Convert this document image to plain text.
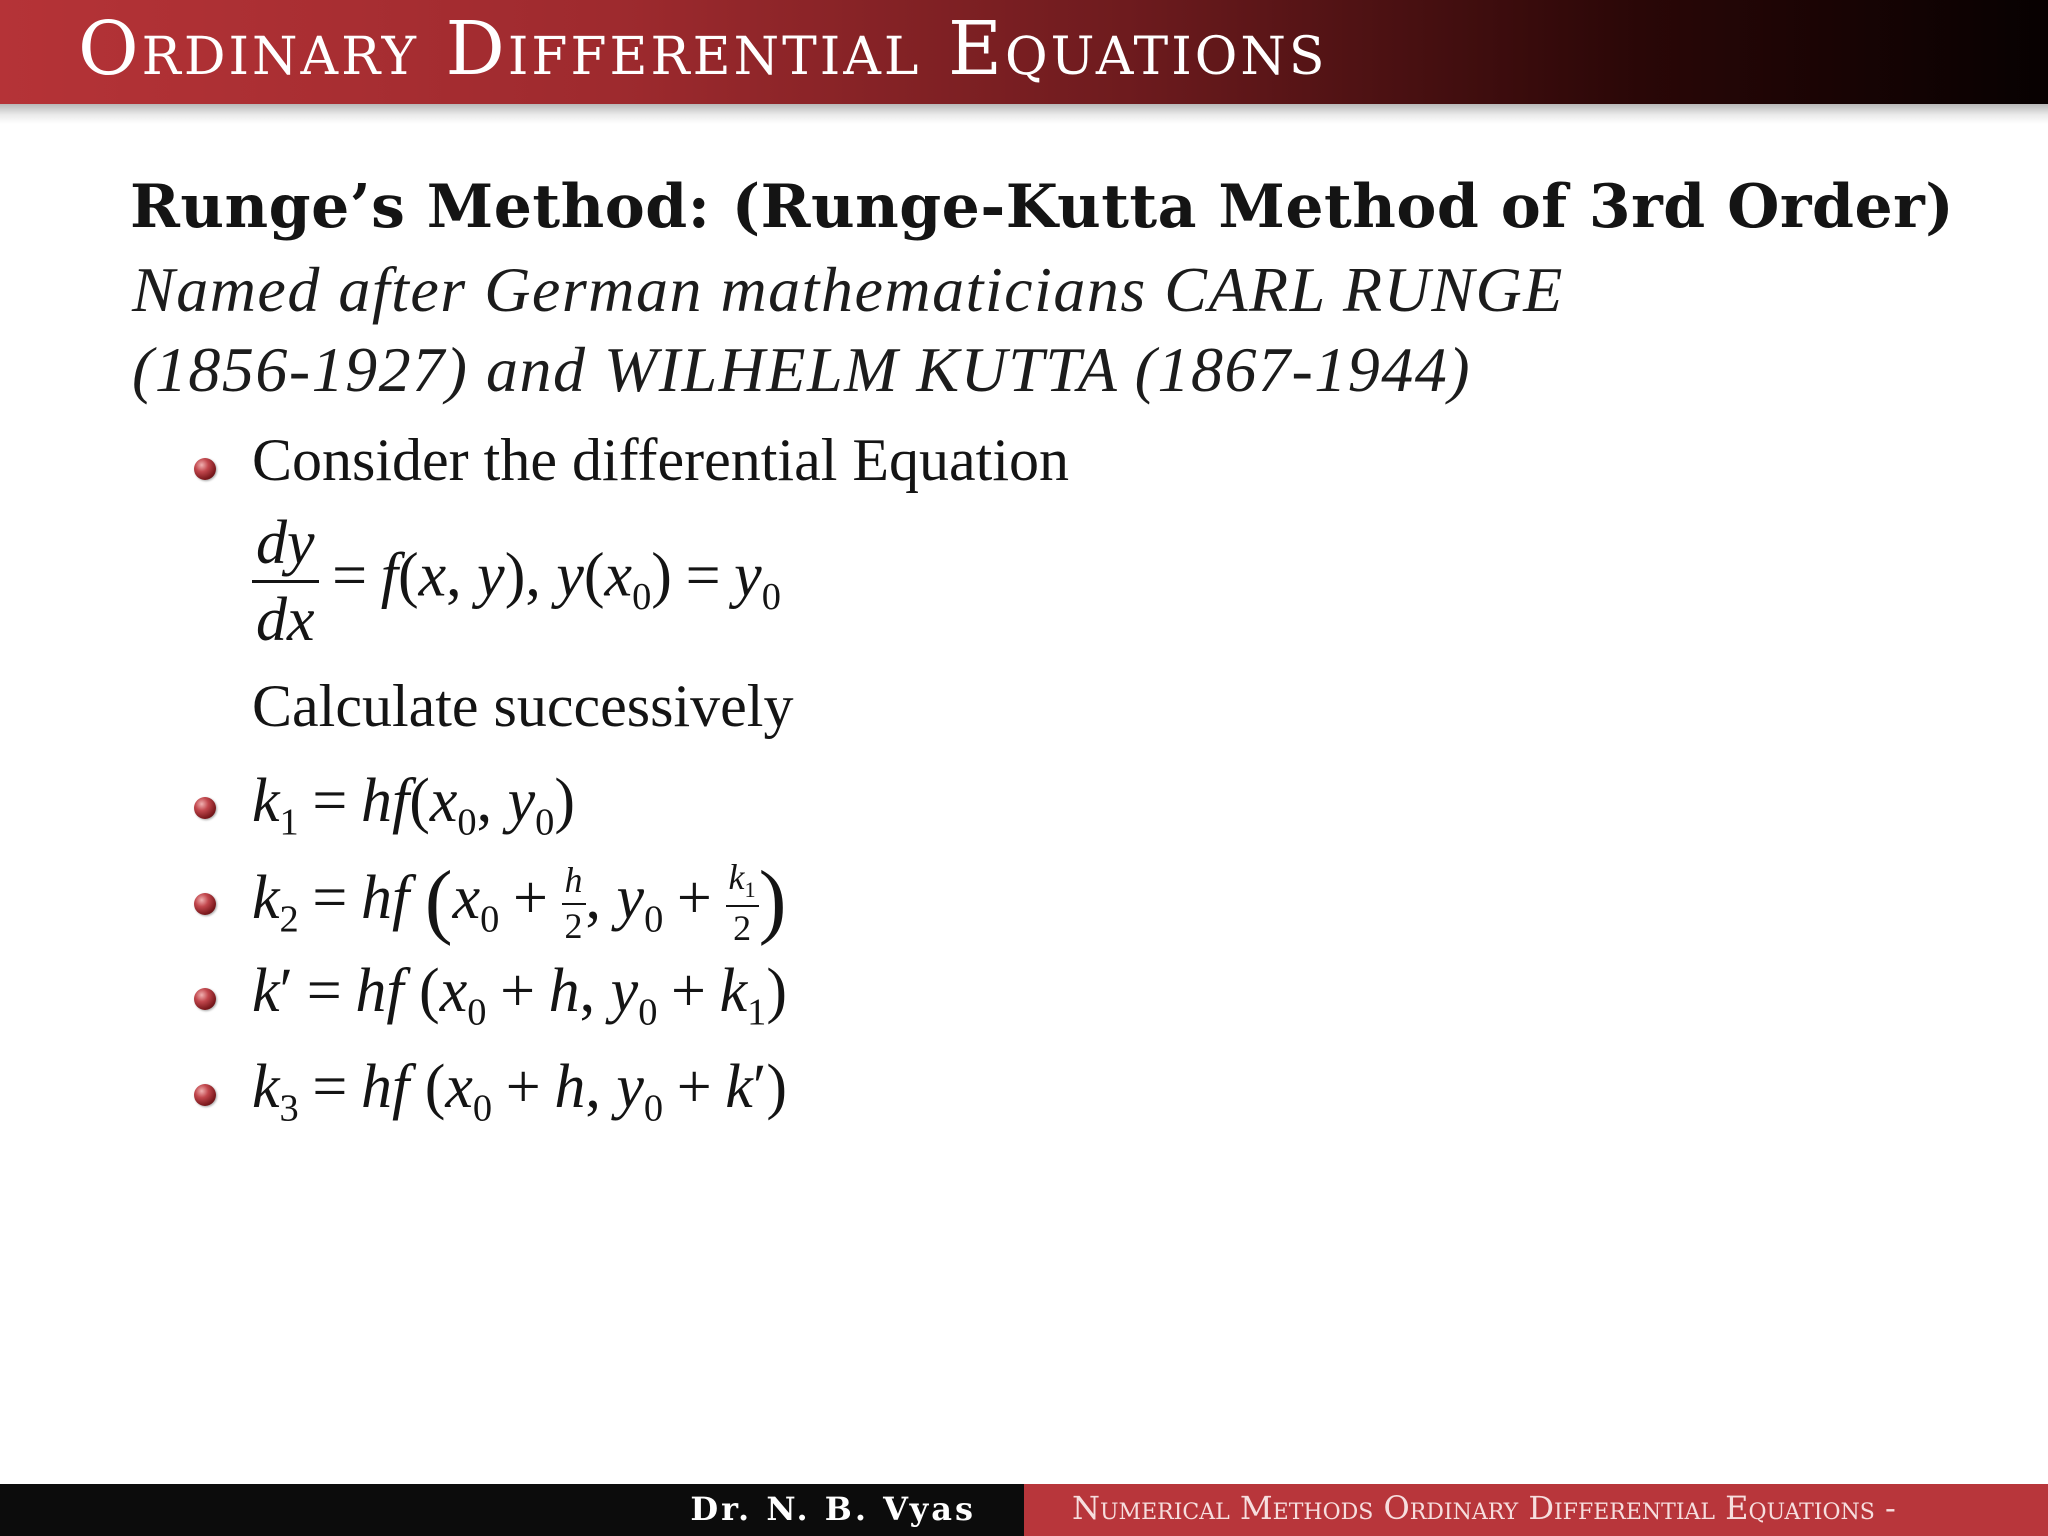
Ordinary Differential Equations
Runge’s Method: (Runge-Kutta Method of 3rd Order)
Named after German mathematicians CARL RUNGE
(1856-1927) and WILHELM KUTTA (1867-1944)
Consider the differential Equation
$\frac{dy}{dx} = f(x$, y), $y(x_0) = y_0$
Calculate successively
$k_1 = hf(x_0$, $y_0$)
$k_2$ = hf ($x_0 + \frac{h}{2}$ , $y_0 + \frac{k_1}{2}$ )
k′ = hf ($x_0 + h$, $y_0 + k_1$)
$k_3$ = hf ($x_0 + h$, $y_0 + k'$)
Dr. N. B. Vyas	Numerical Methods Ordinary Differential Equations -
